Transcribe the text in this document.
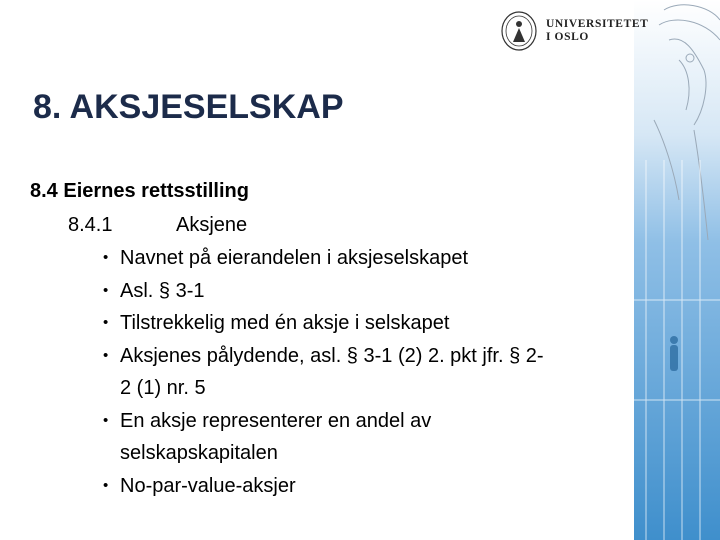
UNIVERSITETET
I OSLO
8. AKSJESELSKAP
8.4 Eiernes rettsstilling
8.4.1	Aksjene
• Navnet på eierandelen i aksjeselskapet
• Asl. § 3-1
• Tilstrekkelig med én aksje i selskapet
• Aksjenes pålydende, asl. § 3-1 (2) 2. pkt jfr. § 2-
2 (1) nr. 5
• En aksje representerer en andel av
selskapskapitalen
• No-par-value-aksjer
